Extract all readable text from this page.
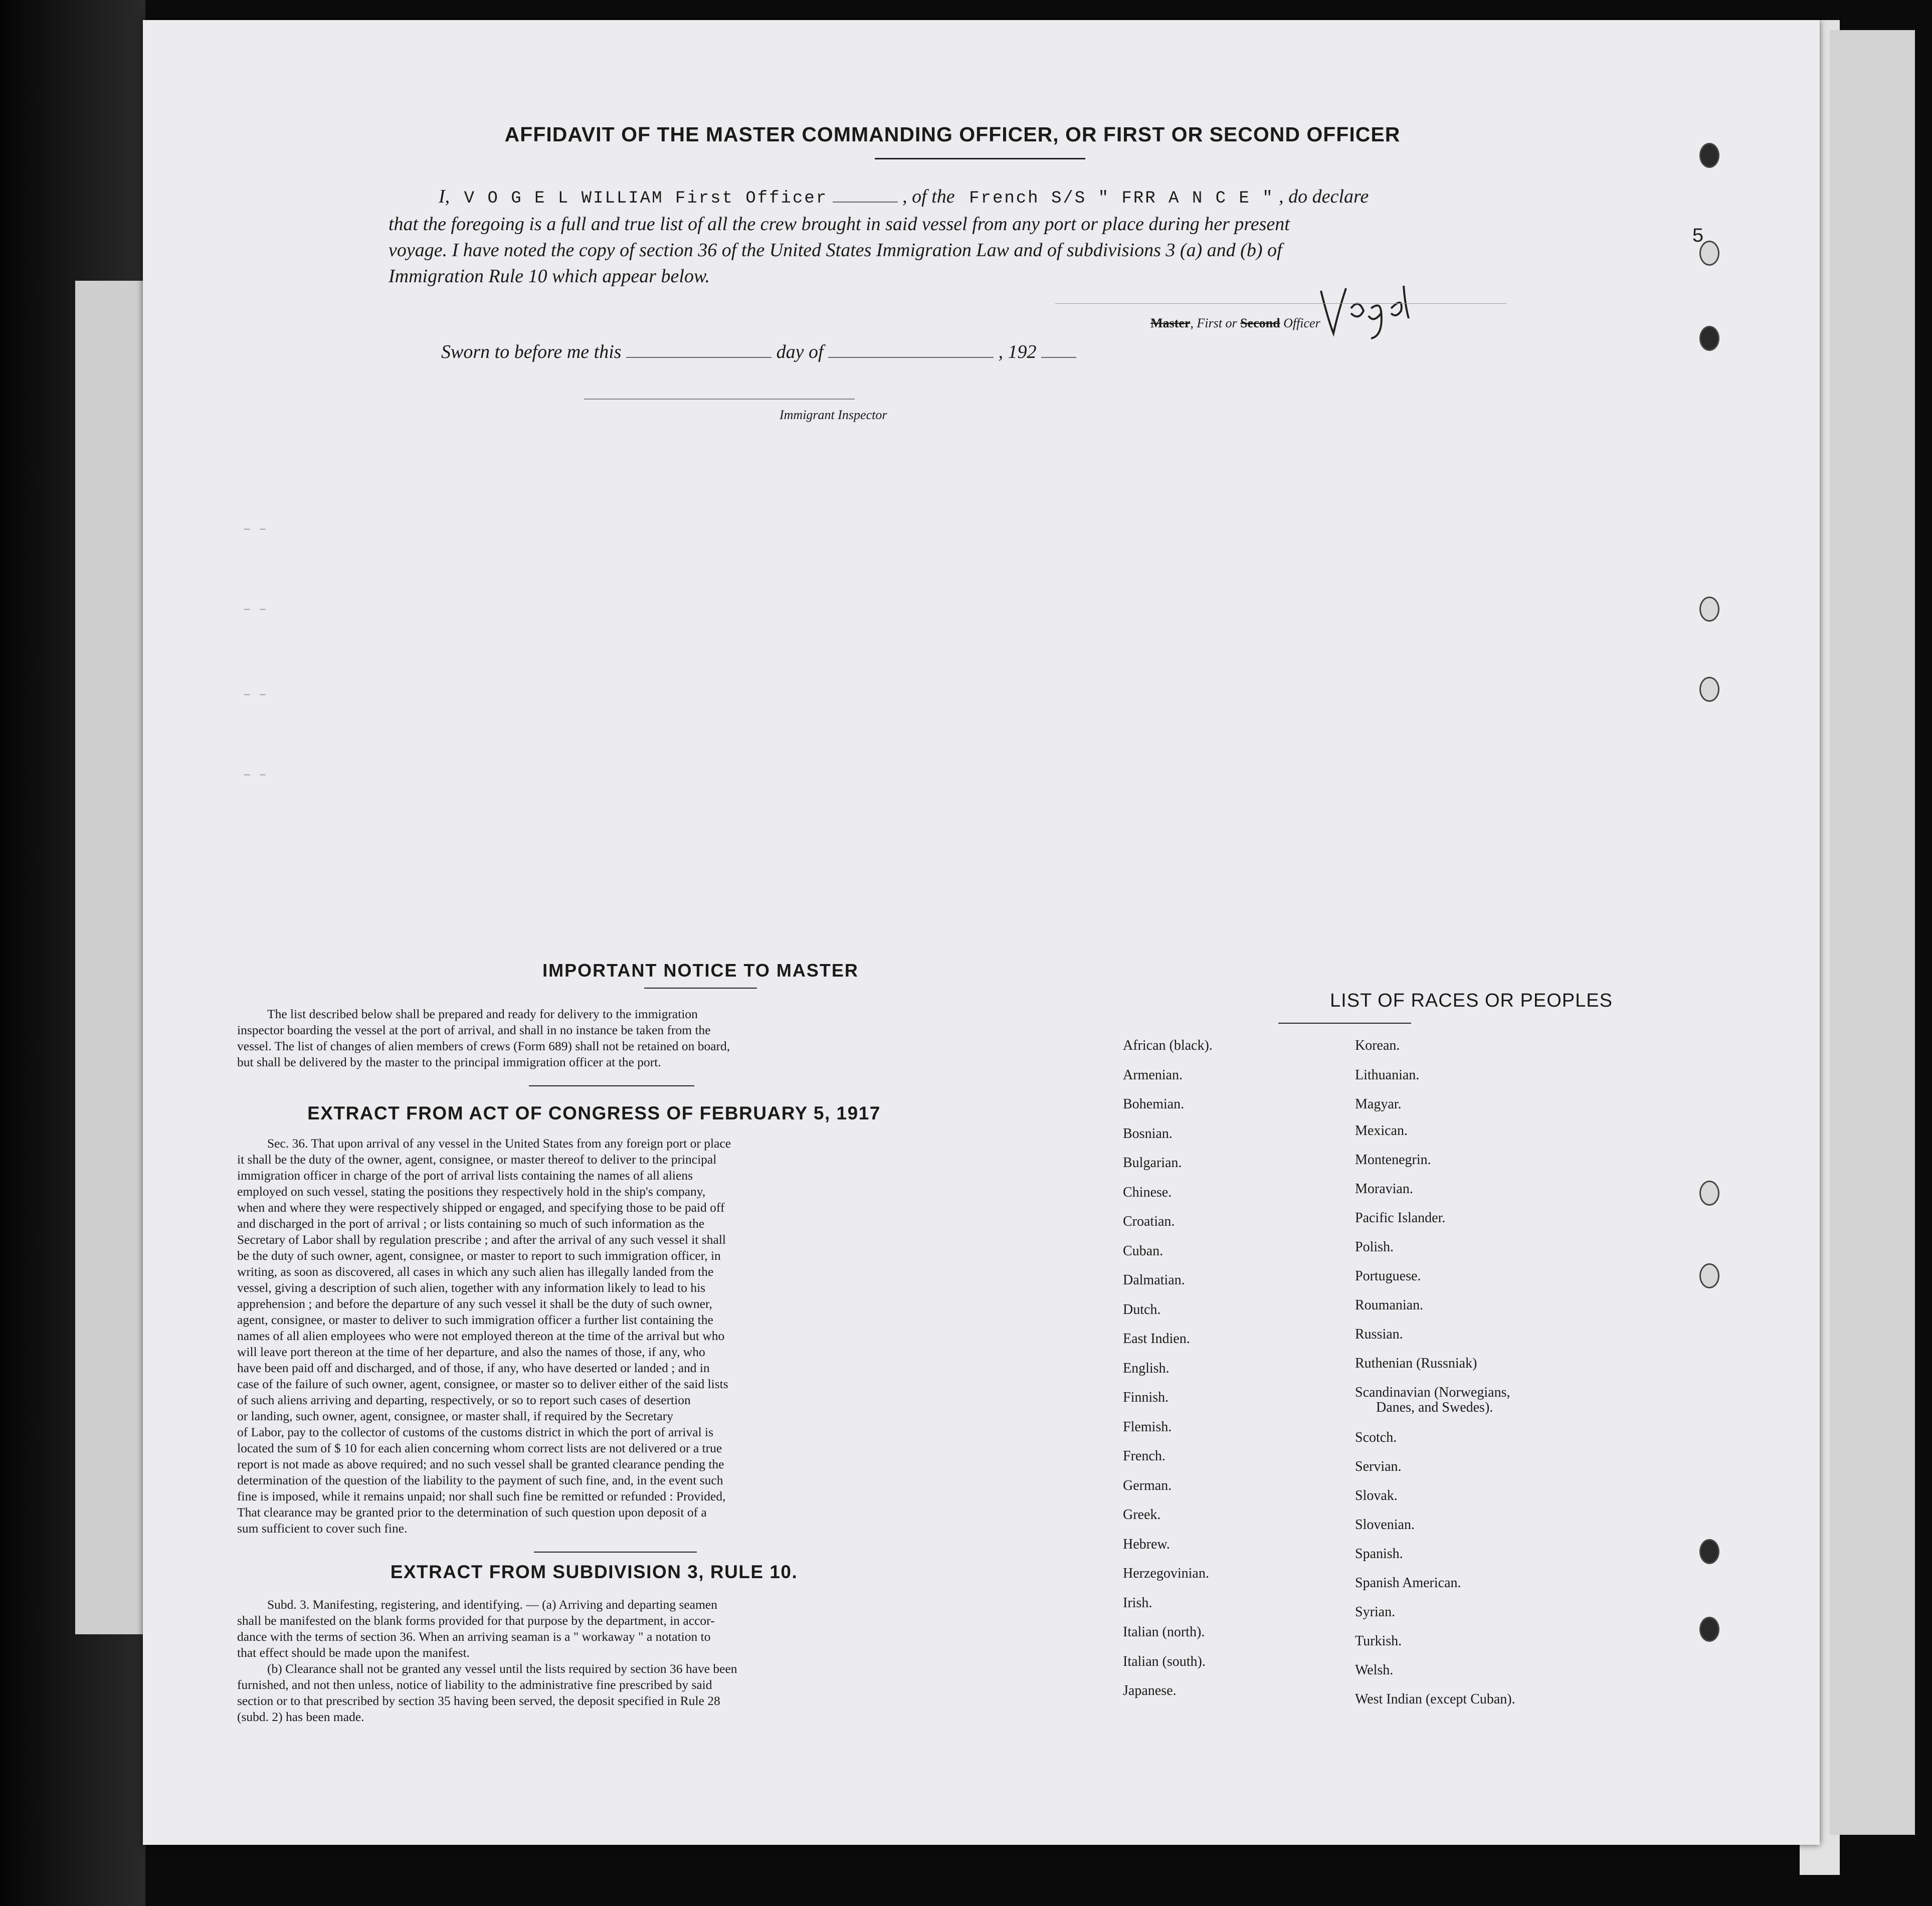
5
AFFIDAVIT OF THE MASTER COMMANDING OFFICER, OR FIRST OR SECOND OFFICER
I, V O G E L WILLIAM First Officer	, of the French S/S " FRR A N C E " , do declare
that the foregoing is a full and true list of all the crew brought in said vessel from any port or place during her present
voyage. I have noted the copy of section 36 of the United States Immigration Law and of subdivisions 3 (a) and (b) of
Immigration Rule 10 which appear below.
Master, First or Second Officer
Sworn to before me this	day of	, 192
Immigrant Inspector
– –
– –
– –
– –
IMPORTANT NOTICE TO MASTER
The list described below shall be prepared and ready for delivery to the immigration
inspector boarding the vessel at the port of arrival, and shall in no instance be taken from the
vessel. The list of changes of alien members of crews (Form 689) shall not be retained on board,
but shall be delivered by the master to the principal immigration officer at the port.
EXTRACT FROM ACT OF CONGRESS OF FEBRUARY 5, 1917
Sec. 36. That upon arrival of any vessel in the United States from any foreign port or place
it shall be the duty of the owner, agent, consignee, or master thereof to deliver to the principal
immigration officer in charge of the port of arrival lists containing the names of all aliens
employed on such vessel, stating the positions they respectively hold in the ship's company,
when and where they were respectively shipped or engaged, and specifying those to be paid off
and discharged in the port of arrival ; or lists containing so much of such information as the
Secretary of Labor shall by regulation prescribe ; and after the arrival of any such vessel it shall
be the duty of such owner, agent, consignee, or master to report to such immigration officer, in
writing, as soon as discovered, all cases in which any such alien has illegally landed from the
vessel, giving a description of such alien, together with any information likely to lead to his
apprehension ; and before the departure of any such vessel it shall be the duty of such owner,
agent, consignee, or master to deliver to such immigration officer a further list containing the
names of all alien employees who were not employed thereon at the time of the arrival but who
will leave port thereon at the time of her departure, and also the names of those, if any, who
have been paid off and discharged, and of those, if any, who have deserted or landed ; and in
case of the failure of such owner, agent, consignee, or master so to deliver either of the said lists
of such aliens arriving and departing, respectively, or so to report such cases of desertion
or landing, such owner, agent, consignee, or master shall, if required by the Secretary
of Labor, pay to the collector of customs of the customs district in which the port of arrival is
located the sum of $ 10 for each alien concerning whom correct lists are not delivered or a true
report is not made as above required; and no such vessel shall be granted clearance pending the
determination of the question of the liability to the payment of such fine, and, in the event such
fine is imposed, while it remains unpaid; nor shall such fine be remitted or refunded : Provided,
That clearance may be granted prior to the determination of such question upon deposit of a
sum sufficient to cover such fine.
EXTRACT FROM SUBDIVISION 3, RULE 10.
Subd. 3. Manifesting, registering, and identifying. — (a) Arriving and departing seamen
shall be manifested on the blank forms provided for that purpose by the department, in accor-
dance with the terms of section 36. When an arriving seaman is a " workaway " a notation to
that effect should be made upon the manifest.
(b) Clearance shall not be granted any vessel until the lists required by section 36 have been
furnished, and not then unless, notice of liability to the administrative fine prescribed by said
section or to that prescribed by section 35 having been served, the deposit specified in Rule 28
(subd. 2) has been made.
LIST OF RACES OR PEOPLES
African (black).
Armenian.
Bohemian.
Bosnian.
Bulgarian.
Chinese.
Croatian.
Cuban.
Dalmatian.
Dutch.
East Indien.
English.
Finnish.
Flemish.
French.
German.
Greek.
Hebrew.
Herzegovinian.
Irish.
Italian (north).
Italian (south).
Japanese.
Korean.
Lithuanian.
Magyar.
Mexican.
Montenegrin.
Moravian.
Pacific Islander.
Polish.
Portuguese.
Roumanian.
Russian.
Ruthenian (Russniak)
Scandinavian (Norwegians,
Danes, and Swedes).
Scotch.
Servian.
Slovak.
Slovenian.
Spanish.
Spanish American.
Syrian.
Turkish.
Welsh.
West Indian (except Cuban).
